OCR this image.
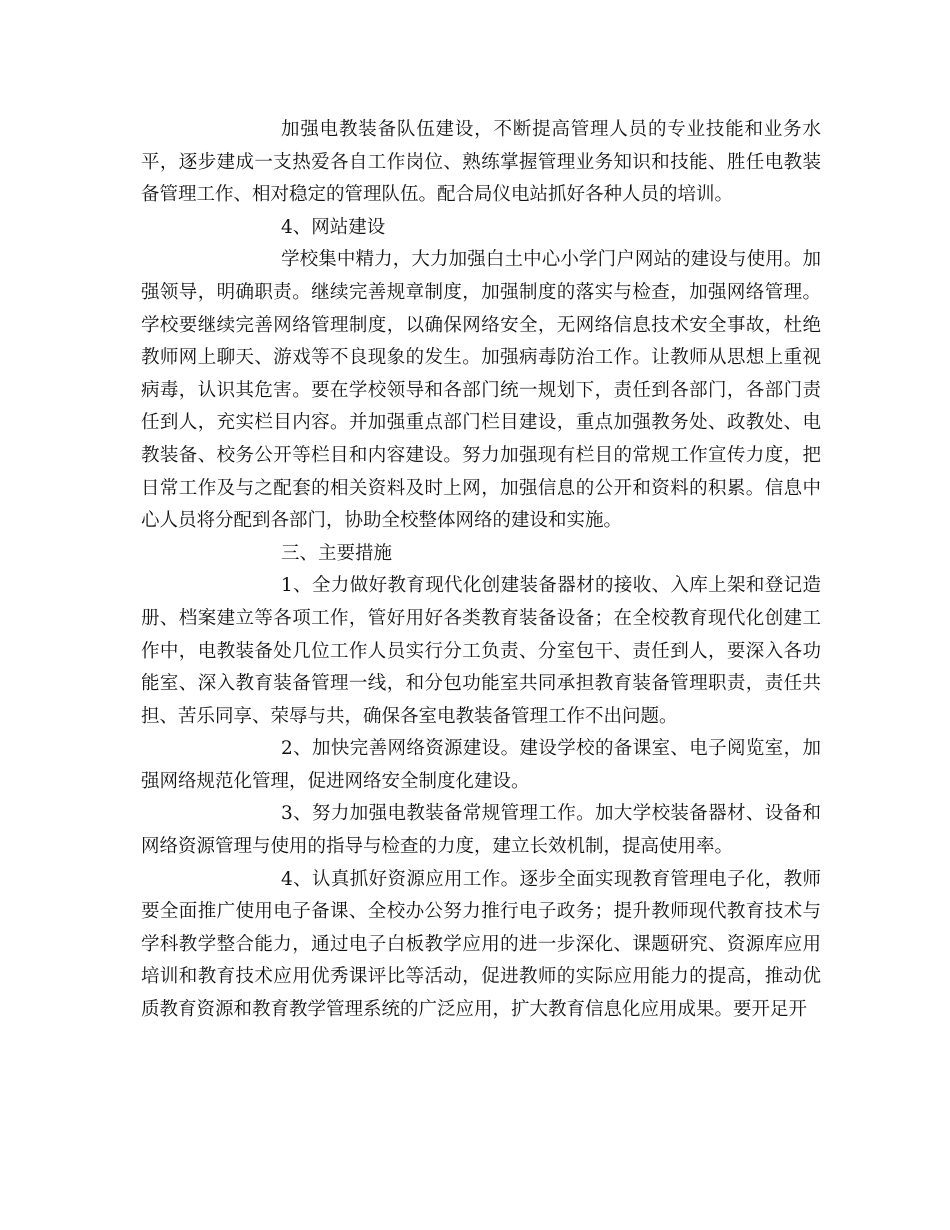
加强电教装备队伍建设，不断提高管理人员的专业技能和业务水平，逐步建成一支热爱各自工作岗位、熟练掌握管理业务知识和技能、胜任电教装备管理工作、相对稳定的管理队伍。配合局仪电站抓好各种人员的培训。

4、网站建设

学校集中精力，大力加强白土中心小学门户网站的建设与使用。加强领导，明确职责。继续完善规章制度，加强制度的落实与检查，加强网络管理。学校要继续完善网络管理制度，以确保网络安全，无网络信息技术安全事故，杜绝教师网上聊天、游戏等不良现象的发生。加强病毒防治工作。让教师从思想上重视病毒，认识其危害。要在学校领导和各部门统一规划下，责任到各部门，各部门责任到人，充实栏目内容。并加强重点部门栏目建设，重点加强教务处、政教处、电教装备、校务公开等栏目和内容建设。努力加强现有栏目的常规工作宣传力度，把日常工作及与之配套的相关资料及时上网，加强信息的公开和资料的积累。信息中心人员将分配到各部门，协助全校整体网络的建设和实施。

三、主要措施

1、全力做好教育现代化创建装备器材的接收、入库上架和登记造册、档案建立等各项工作，管好用好各类教育装备设备；在全校教育现代化创建工作中，电教装备处几位工作人员实行分工负责、分室包干、责任到人，要深入各功能室、深入教育装备管理一线，和分包功能室共同承担教育装备管理职责，责任共担、苦乐同享、荣辱与共，确保各室电教装备管理工作不出问题。

2、加快完善网络资源建设。建设学校的备课室、电子阅览室，加强网络规范化管理，促进网络安全制度化建设。

3、努力加强电教装备常规管理工作。加大学校装备器材、设备和网络资源管理与使用的指导与检查的力度，建立长效机制，提高使用率。

4、认真抓好资源应用工作。逐步全面实现教育管理电子化，教师要全面推广使用电子备课、全校办公努力推行电子政务；提升教师现代教育技术与学科教学整合能力，通过电子白板教学应用的进一步深化、课题研究、资源库应用培训和教育技术应用优秀课评比等活动，促进教师的实际应用能力的提高，推动优质教育资源和教育教学管理系统的广泛应用，扩大教育信息化应用成果。要开足开
